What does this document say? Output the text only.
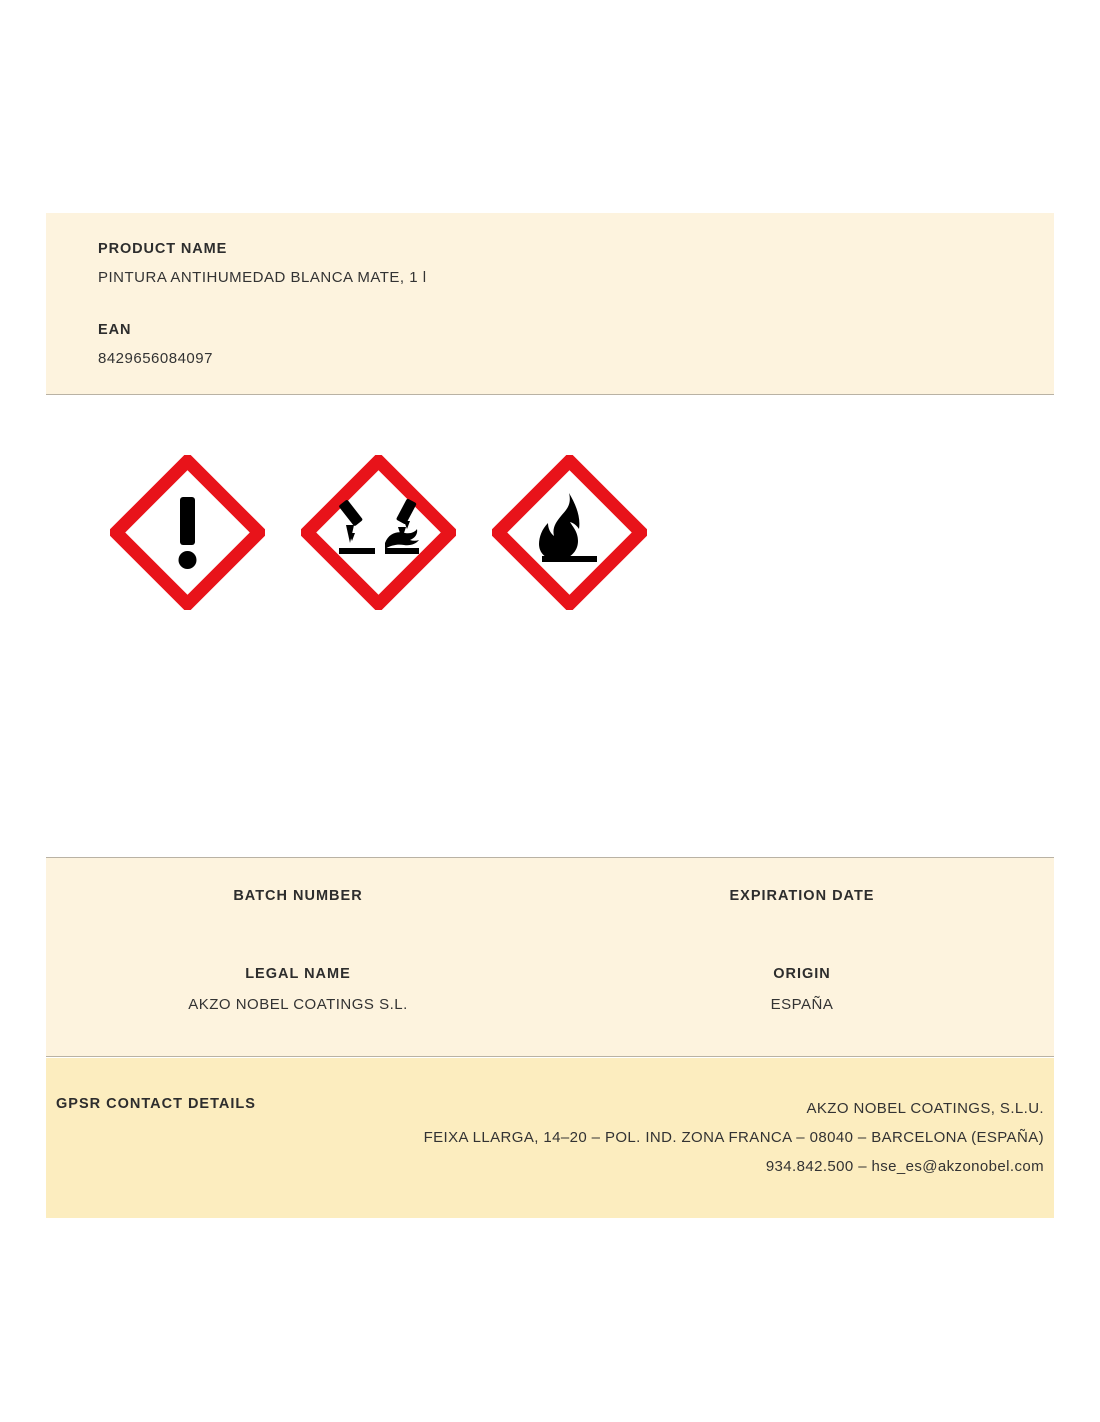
PRODUCT NAME
PINTURA ANTIHUMEDAD BLANCA MATE, 1 l
EAN
8429656084097
BATCH NUMBER	EXPIRATION DATE
LEGAL NAME
AKZO NOBEL COATINGS S.L.
ORIGIN
ESPAÑA
GPSR CONTACT DETAILS	AKZO NOBEL COATINGS, S.L.U.
FEIXA LLARGA, 14–20 – POL. IND. ZONA FRANCA – 08040 – BARCELONA (ESPAÑA)
934.842.500 – hse_es@akzonobel.com
